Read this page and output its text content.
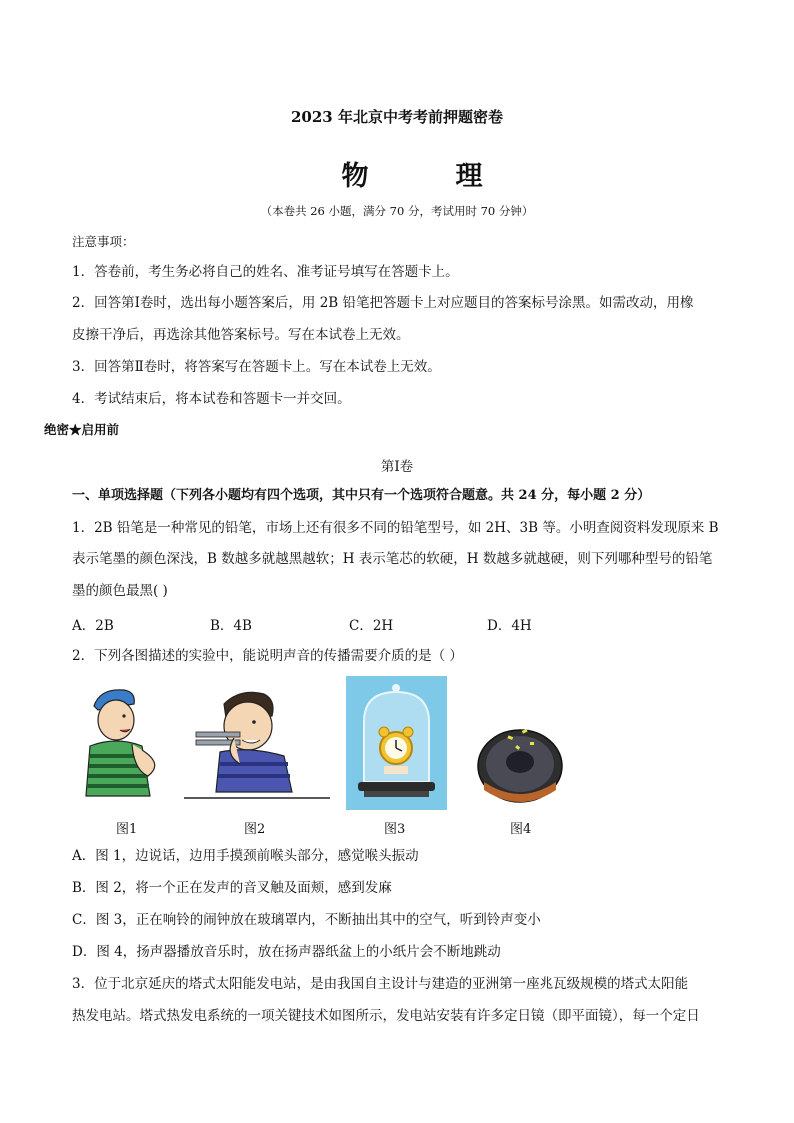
2023 年北京中考考前押题密卷
物　理
（本卷共 26 小题，满分 70 分，考试用时 70 分钟）
注意事项：
1．答卷前，考生务必将自己的姓名、准考证号填写在答题卡上。
2．回答第Ⅰ卷时，选出每小题答案后，用 2B 铅笔把答题卡上对应题目的答案标号涂黑。如需改动，用橡
皮擦干净后，再选涂其他答案标号。写在本试卷上无效。
3．回答第Ⅱ卷时，将答案写在答题卡上。写在本试卷上无效。
4．考试结束后，将本试卷和答题卡一并交回。
绝密★启用前
第Ⅰ卷
一、单项选择题（下列各小题均有四个选项，其中只有一个选项符合题意。共 24 分，每小题 2 分）
1．2B 铅笔是一种常见的铅笔，市场上还有很多不同的铅笔型号，如 2H、3B 等。小明查阅资料发现原来 B
表示笔墨的颜色深浅，B 数越多就越黑越软；H 表示笔芯的软硬，H 数越多就越硬，则下列哪种型号的铅笔
墨的颜色最黑( )
A．2B	B．4B	C．2H	D．4H
2．下列各图描述的实验中，能说明声音的传播需要介质的是（ ）
图1	图2	图3	图4
A．图 1，边说话，边用手摸颈前喉头部分，感觉喉头振动
B．图 2，将一个正在发声的音叉触及面颊，感到发麻
C．图 3，正在响铃的闹钟放在玻璃罩内，不断抽出其中的空气，听到铃声变小
D．图 4，扬声器播放音乐时，放在扬声器纸盆上的小纸片会不断地跳动
3．位于北京延庆的塔式太阳能发电站，是由我国自主设计与建造的亚洲第一座兆瓦级规模的塔式太阳能
热发电站。塔式热发电系统的一项关键技术如图所示，发电站安装有许多定日镜（即平面镜），每一个定日
